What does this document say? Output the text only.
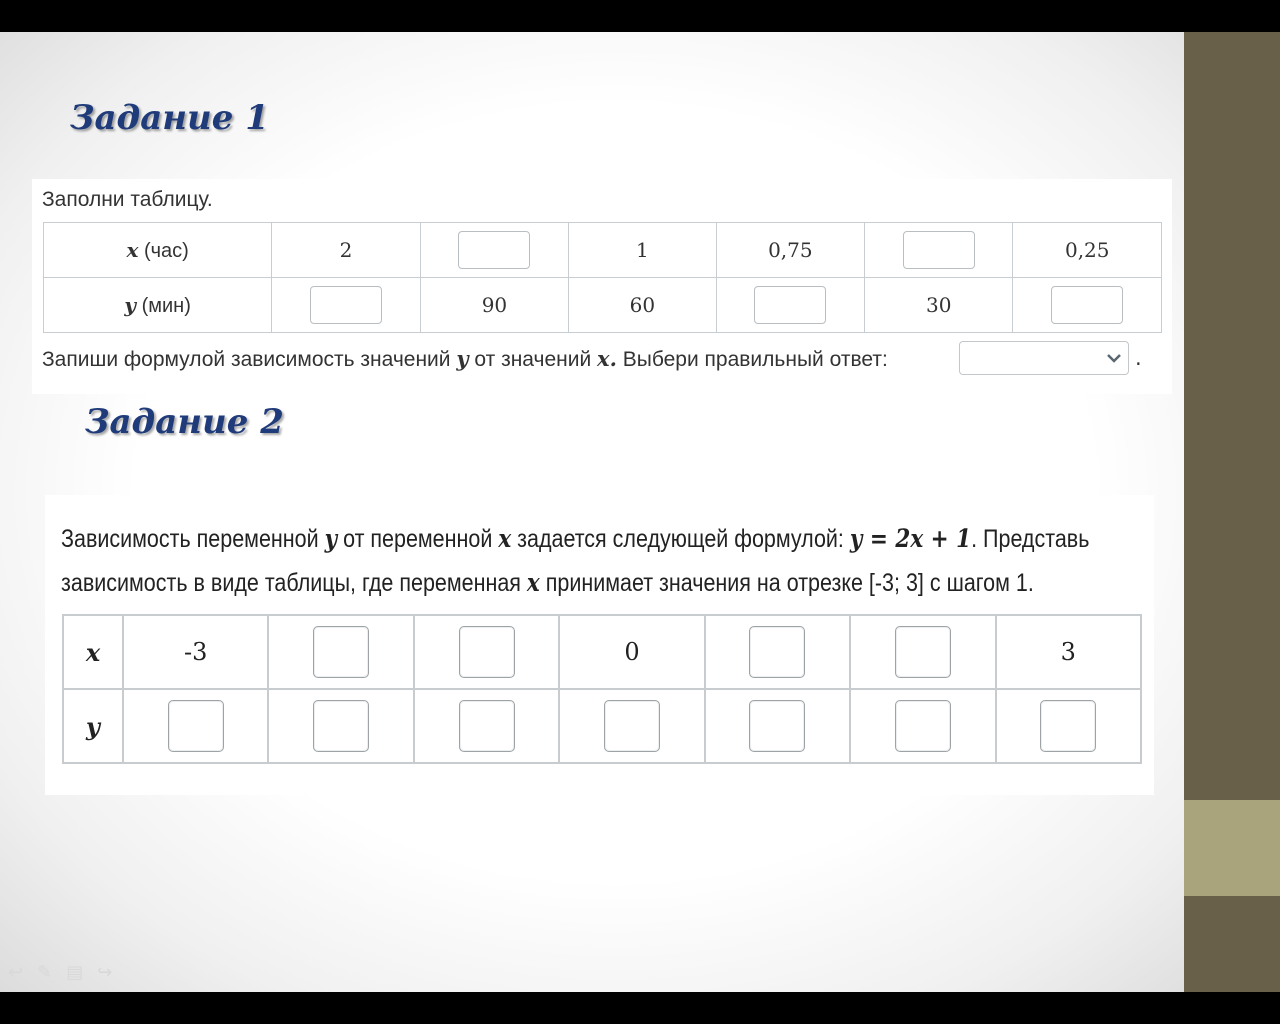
Задание 1
Заполни таблицу.
x (час)	2		1	0,75		0,25
y (мин)		90	60		30	
Запиши формулой зависимость значений y от значений x. Выбери правильный ответ:	.
Задание 2
Зависимость переменной y от переменной x задается следующей формулой: y = 2x + 1. Представь
зависимость в виде таблицы, где переменная x принимает значения на отрезке [-3; 3] с шагом 1.
x	-3			0			3
y							
↩ ✎ ▤ ↪
